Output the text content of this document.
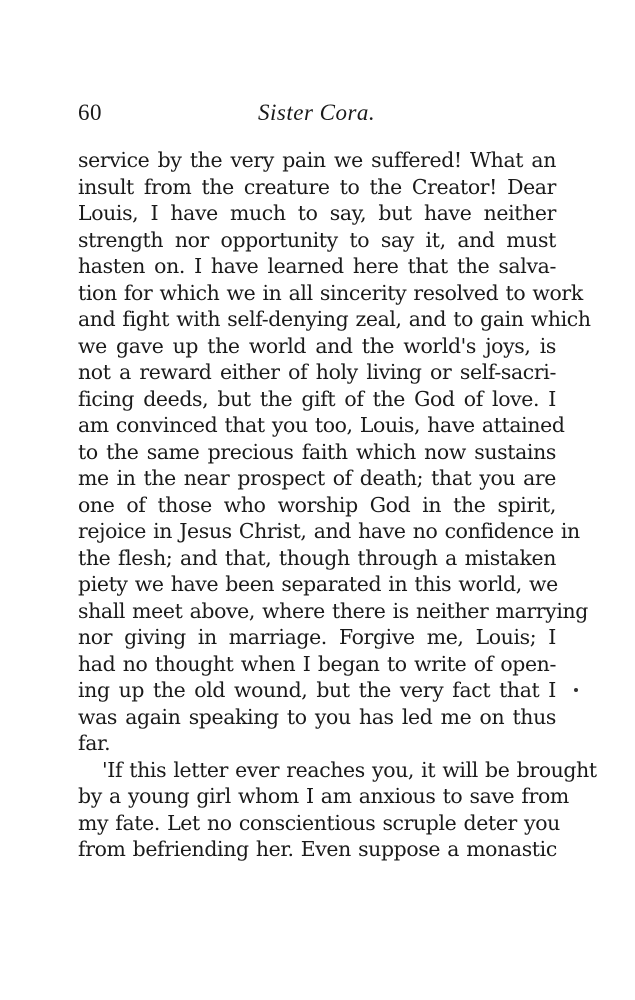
60	Sister Cora.
service by the very pain we suffered! What an
insult from the creature to the Creator! Dear
Louis, I have much to say, but have neither
strength nor opportunity to say it, and must
hasten on. I have learned here that the salva-
tion for which we in all sincerity resolved to work
and fight with self-denying zeal, and to gain which
we gave up the world and the world's joys, is
not a reward either of holy living or self-sacri-
ficing deeds, but the gift of the God of love. I
am convinced that you too, Louis, have attained
to the same precious faith which now sustains
me in the near prospect of death; that you are
one of those who worship God in the spirit,
rejoice in Jesus Christ, and have no confidence in
the flesh; and that, though through a mistaken
piety we have been separated in this world, we
shall meet above, where there is neither marrying
nor giving in marriage. Forgive me, Louis; I
had no thought when I began to write of open-
ing up the old wound, but the very fact that I
was again speaking to you has led me on thus
far.
'If this letter ever reaches you, it will be brought
by a young girl whom I am anxious to save from
my fate. Let no conscientious scruple deter you
from befriending her. Even suppose a monastic
